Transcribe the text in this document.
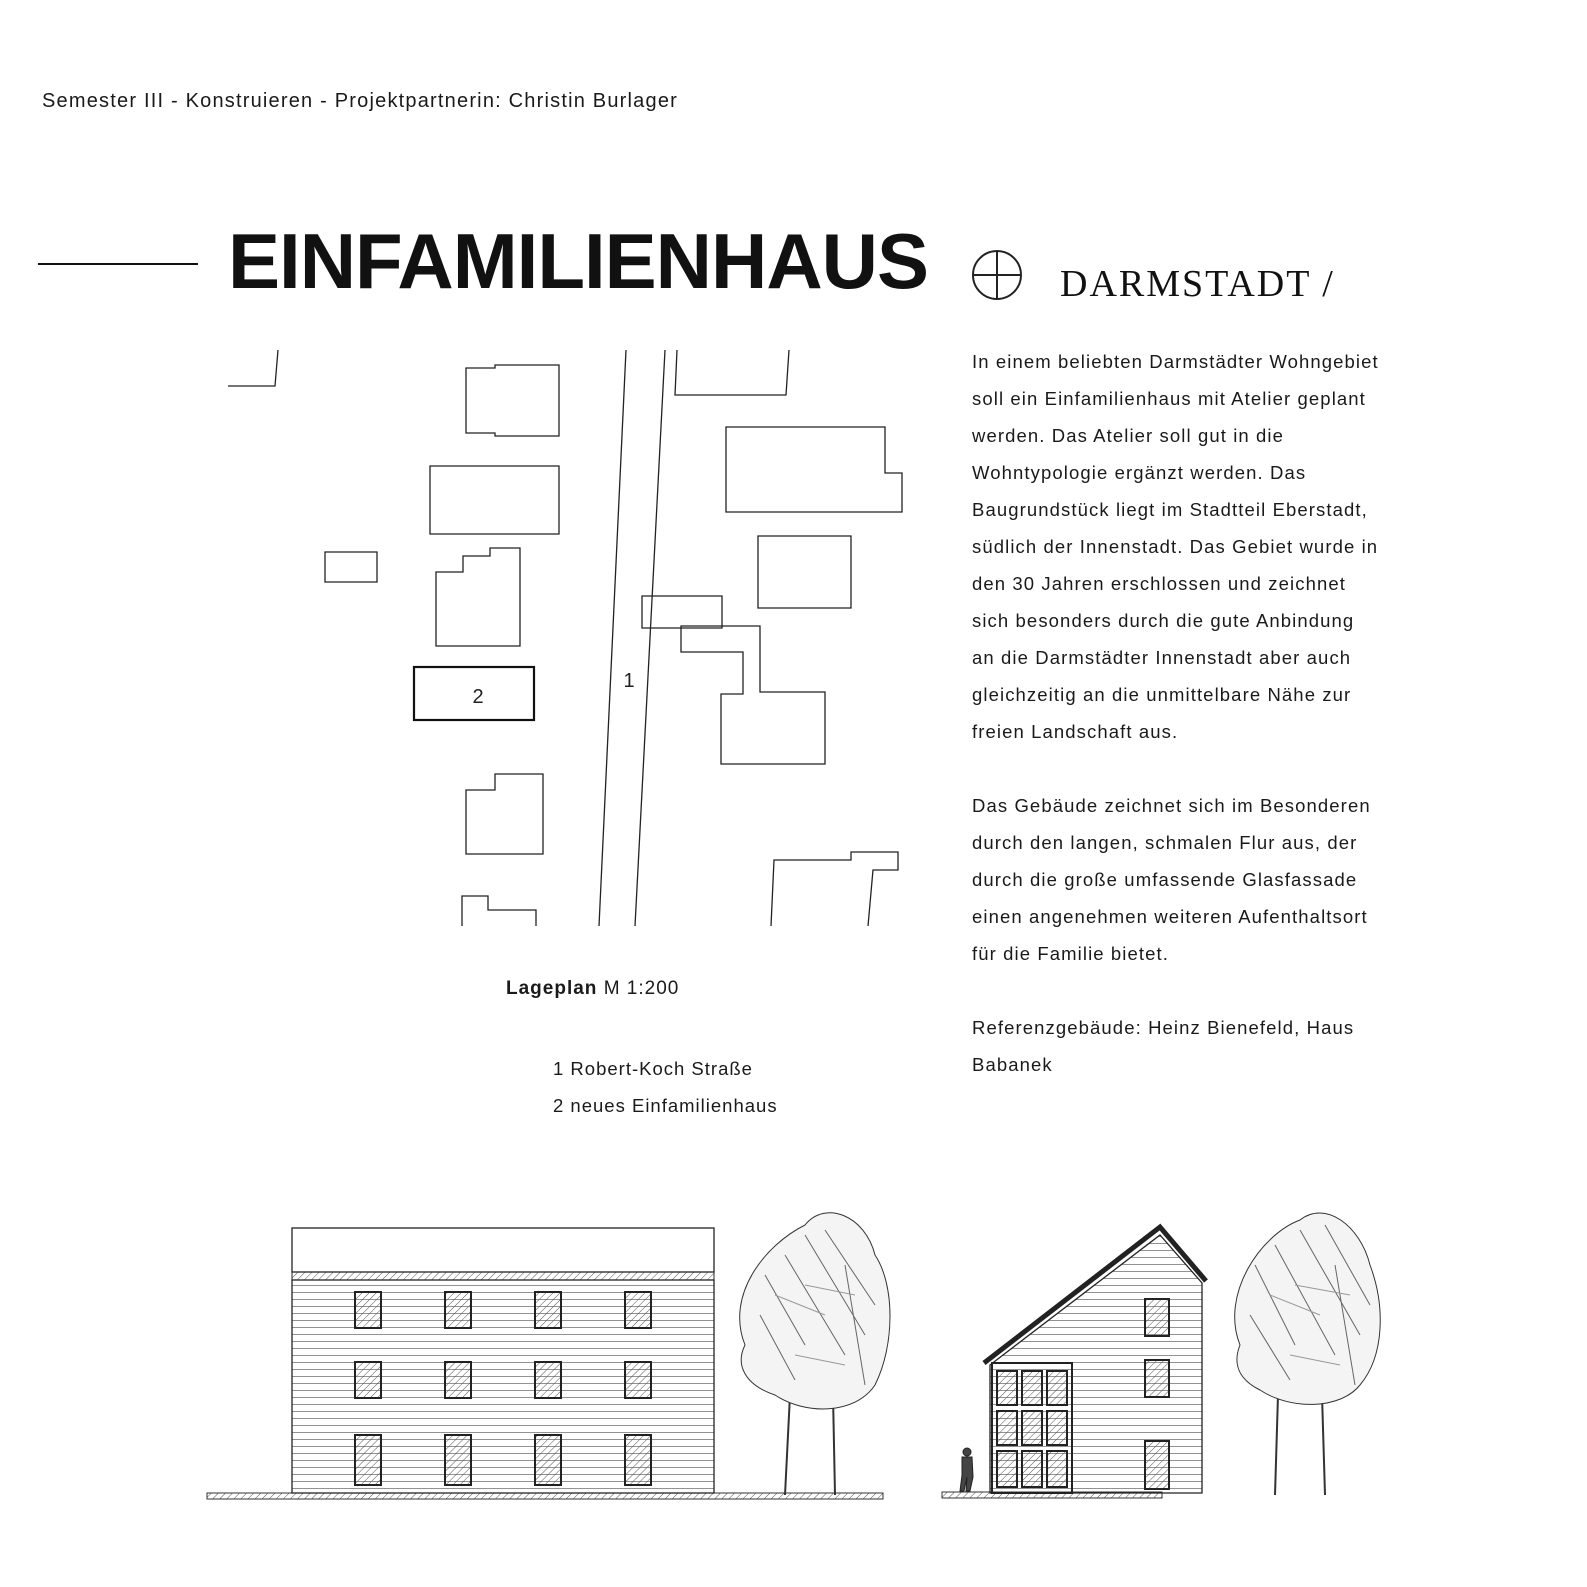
Semester III - Konstruieren - Projektpartnerin: Christin Burlager
EINFAMILIENHAUS	DARMSTADT /
2
1
Lageplan M 1:200
1 Robert-Koch Straße
2 neues Einfamilienhaus

In einem beliebten Darmstädter Wohngebiet
soll ein Einfamilienhaus mit Atelier geplant
werden. Das Atelier soll gut in die
Wohntypologie ergänzt werden. Das
Baugrundstück liegt im Stadtteil Eberstadt,
südlich der Innenstadt. Das Gebiet wurde in
den 30 Jahren erschlossen und zeichnet
sich besonders durch die gute Anbindung
an die Darmstädter Innenstadt aber auch
gleichzeitig an die unmittelbare Nähe zur
freien Landschaft aus.

Das Gebäude zeichnet sich im Besonderen
durch den langen, schmalen Flur aus, der
durch die große umfassende Glasfassade
einen angenehmen weiteren Aufenthaltsort
für die Familie bietet.

Referenzgebäude: Heinz Bienefeld, Haus
Babanek
